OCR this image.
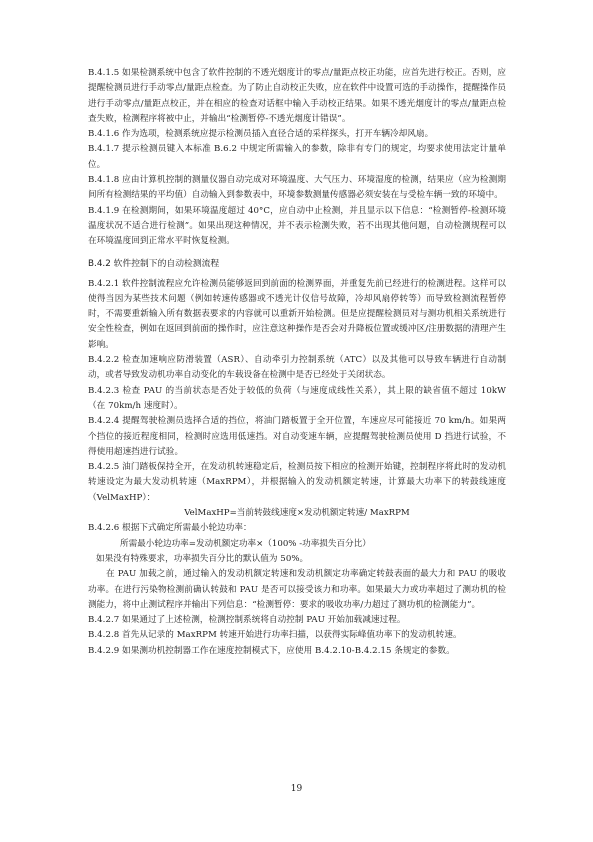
B.4.1.5 如果检测系统中包含了软件控制的不透光烟度计的零点/量距点校正功能，应首先进行校正。否则，应提醒检测员进行手动零点/量距点检查。为了防止自动校正失败，应在软件中设置可选的手动操作，提醒操作员进行手动零点/量距点校正，并在相应的检查对话框中输入手动校正结果。如果不透光烟度计的零点/量距点检查失败，检测程序将被中止，并输出“检测暂停-不透光烟度计错误”。

B.4.1.6 作为选项，检测系统应提示检测员插入直径合适的采样探头，打开车辆冷却风扇。

B.4.1.7 提示检测员键入本标准 B.6.2 中规定所需输入的参数，除非有专门的规定，均要求使用法定计量单位。

B.4.1.8 应由计算机控制的测量仪器自动完成对环境温度、大气压力、环境湿度的检测，结果应（应为检测期间所有检测结果的平均值）自动输入到参数表中，环境参数测量传感器必须安装在与受检车辆一致的环境中。

B.4.1.9 在检测期间，如果环境温度超过 40°C，应自动中止检测，并且显示以下信息：“检测暂停-检测环境温度状况不适合进行检测”。如果出现这种情况，并不表示检测失败，若不出现其他问题，自动检测规程可以在环境温度回到正常水平时恢复检测。

B.4.2 软件控制下的自动检测流程

B.4.2.1 软件控制流程应允许检测员能够返回到前面的检测界面，并重复先前已经进行的检测进程。这样可以使得当因为某些技术问题（例如转速传感器或不透光计仪信号故障，冷却风扇停转等）而导致检测流程暂停时，不需要重新输入所有数据表要求的内容就可以重新开始检测。但是应提醒检测员对与测功机相关系统进行安全性检查，例如在返回到前面的操作时，应注意这种操作是否会对升降板位置或缓冲区/注册数据的清理产生影响。

B.4.2.2 检查加速响应防滑装置（ASR）、自动牵引力控制系统（ATC）以及其他可以导致车辆进行自动制动，或者导致发动机功率自动变化的车载设备在检测中是否已经处于关闭状态。

B.4.2.3 检查 PAU 的当前状态是否处于较低的负荷（与速度成线性关系），其上限的缺省值不超过 10kW（在 70km/h 速度时）。

B.4.2.4 提醒驾驶检测员选择合适的挡位，将油门踏板置于全开位置，车速应尽可能接近 70 km/h。如果两个挡位的接近程度相同，检测时应选用低速挡。对自动变速车辆，应提醒驾驶检测员使用 D 挡进行试验，不得使用超速挡进行试验。

B.4.2.5 油门踏板保持全开，在发动机转速稳定后，检测员按下相应的检测开始键，控制程序将此时的发动机转速设定为最大发动机转速（MaxRPM），并根据输入的发动机额定转速，计算最大功率下的转鼓线速度（VelMaxHP）：

VelMaxHP=当前转鼓线速度×发动机额定转速/ MaxRPM

B.4.2.6 根据下式确定所需最小轮边功率：

所需最小轮边功率=发动机额定功率×（100% -功率损失百分比）

如果没有特殊要求，功率损失百分比的默认值为 50%。

在 PAU 加载之前，通过输入的发动机额定转速和发动机额定功率确定转鼓表面的最大力和 PAU 的吸收功率。在进行污染物检测前确认转鼓和 PAU 是否可以接受该力和功率。如果最大力或功率超过了测功机的检测能力，将中止测试程序并输出下列信息：“检测暂停：要求的吸收功率/力超过了测功机的检测能力”。

B.4.2.7 如果通过了上述检测，检测控制系统将自动控制 PAU 开始加载减速过程。

B.4.2.8 首先从记录的 MaxRPM 转速开始进行功率扫描，以获得实际峰值功率下的发动机转速。

B.4.2.9 如果测功机控制器工作在速度控制模式下，应使用 B.4.2.10-B.4.2.15 条规定的参数。

19
